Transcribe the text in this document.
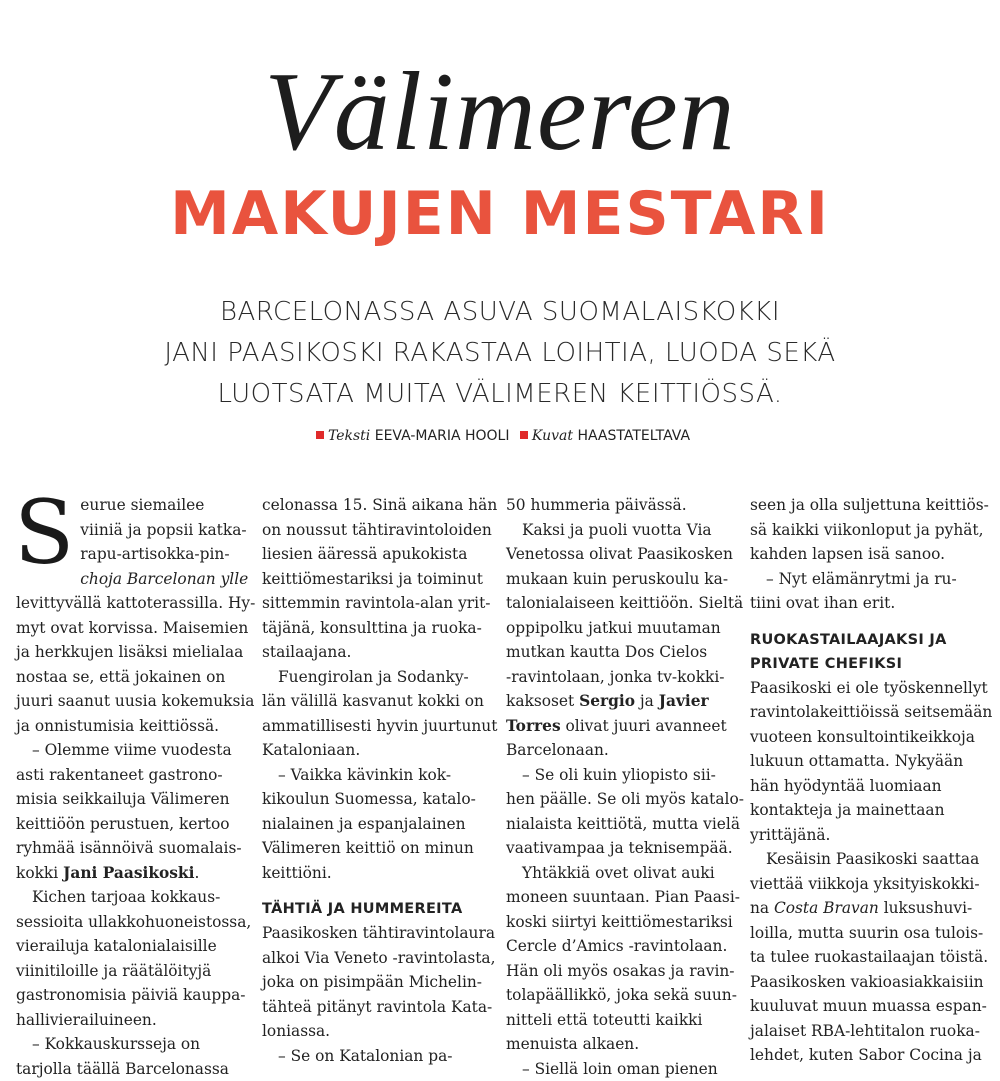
Välimeren
MAKUJEN MESTARI
BARCELONASSA ASUVA SUOMALAISKOKKI
JANI PAASIKOSKI RAKASTAA LOIHTIA, LUODA SEKÄ
LUOTSATA MUITA VÄLIMEREN KEITTIÖSSÄ.
Teksti EEVA-MARIA HOOLI Kuvat HAASTATELTAVA
S eurue siemailee
viiniä ja popsii katka-
rapu-artisokka-pin-
choja Barcelonan ylle
levittyvällä kattoterassilla. Hy-
myt ovat korvissa. Maisemien
ja herkkujen lisäksi mielialaa
nostaa se, että jokainen on
juuri saanut uusia kokemuksia
ja onnistumisia keittiössä.
– Olemme viime vuodesta
asti rakentaneet gastrono-
misia seikkailuja Välimeren
keittiöön perustuen, kertoo
ryhmää isännöivä suomalais-
kokki Jani Paasikoski.
Kichen tarjoaa kokkaus-
sessioita ullakkohuoneistossa,
vierailuja katalonialaisille
viinitiloille ja räätälöityjä
gastronomisia päiviä kauppa-
hallivierailuineen.
– Kokkauskursseja on
tarjolla täällä Barcelonassa
celonassa 15. Sinä aikana hän
on noussut tähtiravintoloiden
liesien ääressä apukokista
keittiömestariksi ja toiminut
sittemmin ravintola-alan yrit-
täjänä, konsulttina ja ruoka-
stailaajana.
Fuengirolan ja Sodanky-
län välillä kasvanut kokki on
ammatillisesti hyvin juurtunut
Kataloniaan.
– Vaikka kävinkin kok-
kikoulun Suomessa, katalo-
nialainen ja espanjalainen
Välimeren keittiö on minun
keittiöni.
TÄHTIÄ JA HUMMEREITA
Paasikosken tähtiravintolaura
alkoi Via Veneto -ravintolasta,
joka on pisimpään Michelin-
tähteä pitänyt ravintola Kata-
loniassa.
– Se on Katalonian pa-
50 hummeria päivässä.
Kaksi ja puoli vuotta Via
Venetossa olivat Paasikosken
mukaan kuin peruskoulu ka-
talonialaiseen keittiöön. Sieltä
oppipolku jatkui muutaman
mutkan kautta Dos Cielos
-ravintolaan, jonka tv-kokki-
kaksoset Sergio ja Javier
Torres olivat juuri avanneet
Barcelonaan.
– Se oli kuin yliopisto sii-
hen päälle. Se oli myös katalo-
nialaista keittiötä, mutta vielä
vaativampaa ja teknisempää.
Yhtäkkiä ovet olivat auki
moneen suuntaan. Pian Paasi-
koski siirtyi keittiömestariksi
Cercle d’Amics -ravintolaan.
Hän oli myös osakas ja ravin-
tolapäällikkö, joka sekä suun-
nitteli että toteutti kaikki
menuista alkaen.
– Siellä loin oman pienen
seen ja olla suljettuna keittiös-
sä kaikki viikonloput ja pyhät,
kahden lapsen isä sanoo.
– Nyt elämänrytmi ja ru-
tiini ovat ihan erit.
RUOKASTAILAAJAKSI JA
PRIVATE CHEFIKSI
Paasikoski ei ole työskennellyt
ravintolakeittiöissä seitsemään
vuoteen konsultointikeikkoja
lukuun ottamatta. Nykyään
hän hyödyntää luomiaan
kontakteja ja mainettaan
yrittäjänä.
Kesäisin Paasikoski saattaa
viettää viikkoja yksityiskokki-
na Costa Bravan luksushuvi-
loilla, mutta suurin osa tulois-
ta tulee ruokastailaajan töistä.
Paasikosken vakioasiakkaisiin
kuuluvat muun muassa espan-
jalaiset RBA-lehtitalon ruoka-
lehdet, kuten Sabor Cocina ja
